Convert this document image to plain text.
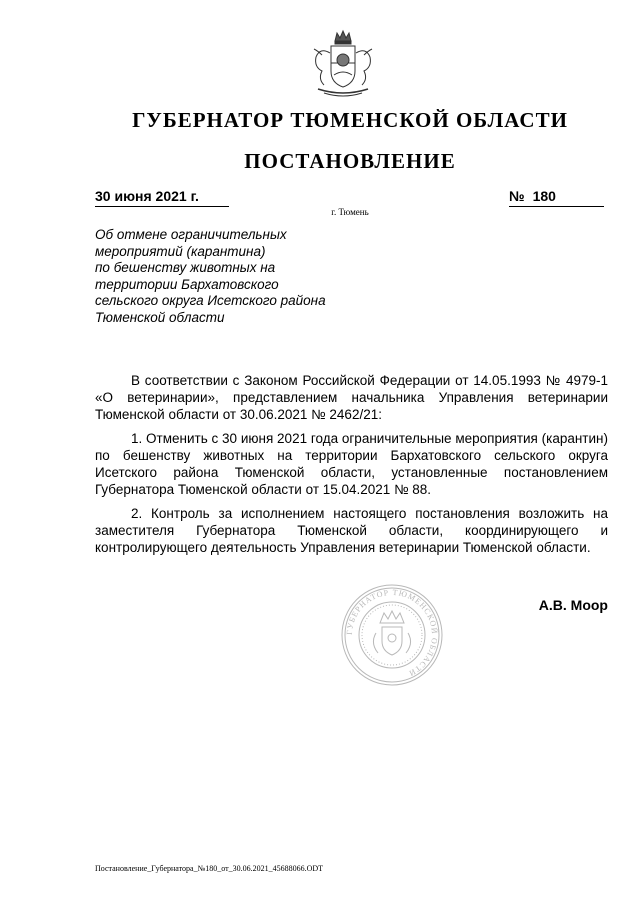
ГУБЕРНАТОР ТЮМЕНСКОЙ ОБЛАСТИ
ПОСТАНОВЛЕНИЕ
30 июня 2021 г.	№ 180
г. Тюмень
Об отмене ограничительных
мероприятий (карантина)
по бешенству животных на
территории Бархатовского
сельского округа Исетского района
Тюменской области

В соответствии с Законом Российской Федерации от 14.05.1993 № 4979-1 «О ветеринарии», представлением начальника Управления ветеринарии Тюменской области от 30.06.2021 № 2462/21:

1. Отменить с 30 июня 2021 года ограничительные мероприятия (карантин) по бешенству животных на территории Бархатовского сельского округа Исетского района Тюменской области, установленные постановлением Губернатора Тюменской области от 15.04.2021 № 88.

2. Контроль за исполнением настоящего постановления возложить на заместителя Губернатора Тюменской области, координирующего и контролирующего деятельность Управления ветеринарии Тюменской области.

ГУБЕРНАТОР ТЮМЕНСКОЙ ОБЛАСТИ
А.В. Моор
Постановление_Губернатора_№180_от_30.06.2021_45688066.ODT
